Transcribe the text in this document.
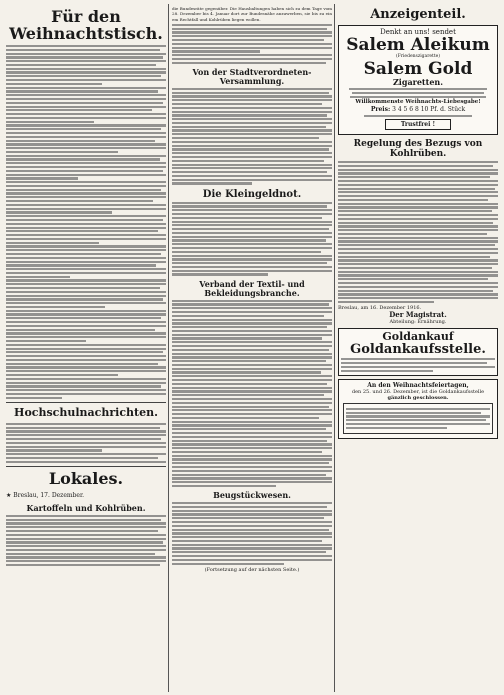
Für den Weihnachtstisch.
Hochschulnachrichten.
Lokales.
★ Breslau, 17. Dezember.
Kartoffeln und Kohlrüben.
die Bundesräte gegenüber. Die Hausbaltungen haben sich zu dem Tage vom 28. Dezember bis 4. Januar dort zur Bundesnähe anzuwerben, sie bis zu einem Rechtfall und Kohlrüben liegen wollen.
Von der Stadtverordneten-Versammlung.
Die Kleingeldnot.
Verband der Textil- und Bekleidungsbranche.
Beugstückwesen.
(Fortsetzung auf der nächsten Seite.)
Anzeigenteil.
Denkt an uns! sendet
Salem Aleikum
(Friedenszigarette)
Salem Gold
Zigaretten.
Willkommenste Weihnachts-Liebesgabe!
Preis: 3 4 5 6 8 10 Pf. d. Stück
Trustfrei !
Regelung des Bezugs von Kohlrüben.
Breslau, am 16. Dezember 1916.
Der Magistrat.
Abteilung: Ernährung.
Goldankauf
Goldankaufsstelle.
An den Weihnachtsfeiertagen,
den 25. und 26. Dezember, ist die Goldankaufsstelle
gänzlich geschlossen.
